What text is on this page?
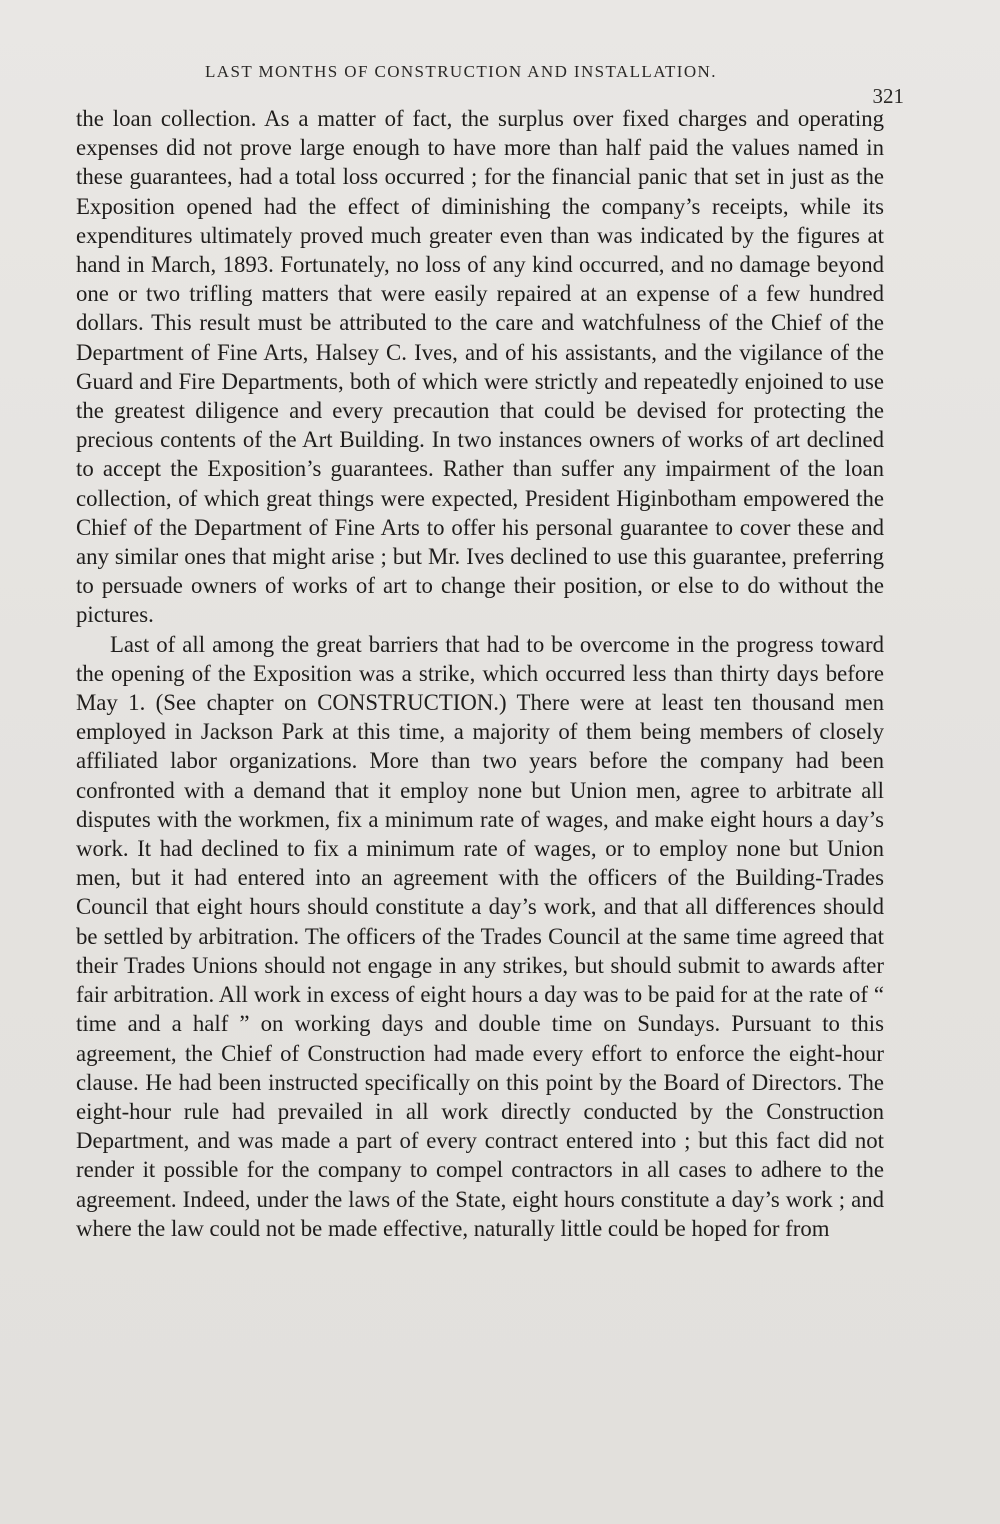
LAST MONTHS OF CONSTRUCTION AND INSTALLATION.
321

the loan collection. As a matter of fact, the surplus over fixed charges and operating expenses did not prove large enough to have more than half paid the values named in these guarantees, had a total loss occurred ; for the financial panic that set in just as the Exposition opened had the effect of diminishing the company’s receipts, while its expenditures ultimately proved much greater even than was indicated by the figures at hand in March, 1893. Fortunately, no loss of any kind occurred, and no damage beyond one or two trifling matters that were easily repaired at an expense of a few hundred dollars. This result must be attributed to the care and watchfulness of the Chief of the Department of Fine Arts, Halsey C. Ives, and of his assistants, and the vigilance of the Guard and Fire Departments, both of which were strictly and repeatedly enjoined to use the greatest diligence and every precaution that could be devised for protecting the precious contents of the Art Building. In two instances owners of works of art declined to accept the Exposition’s guarantees. Rather than suffer any impairment of the loan collection, of which great things were expected, President Higinbotham empowered the Chief of the Department of Fine Arts to offer his personal guarantee to cover these and any similar ones that might arise ; but Mr. Ives declined to use this guarantee, preferring to persuade owners of works of art to change their position, or else to do without the pictures.

Last of all among the great barriers that had to be overcome in the progress toward the opening of the Exposition was a strike, which occurred less than thirty days before May 1. (See chapter on CONSTRUCTION.) There were at least ten thousand men employed in Jackson Park at this time, a majority of them being members of closely affiliated labor organizations. More than two years before the company had been confronted with a demand that it employ none but Union men, agree to arbitrate all disputes with the workmen, fix a minimum rate of wages, and make eight hours a day’s work. It had declined to fix a minimum rate of wages, or to employ none but Union men, but it had entered into an agreement with the officers of the Building-Trades Council that eight hours should constitute a day’s work, and that all differences should be settled by arbitration. The officers of the Trades Council at the same time agreed that their Trades Unions should not engage in any strikes, but should submit to awards after fair arbitration. All work in excess of eight hours a day was to be paid for at the rate of “ time and a half ” on working days and double time on Sundays. Pursuant to this agreement, the Chief of Construction had made every effort to enforce the eight-hour clause. He had been instructed specifically on this point by the Board of Directors. The eight-hour rule had prevailed in all work directly conducted by the Construction Department, and was made a part of every contract entered into ; but this fact did not render it possible for the company to compel contractors in all cases to adhere to the agreement. Indeed, under the laws of the State, eight hours constitute a day’s work ; and where the law could not be made effective, naturally little could be hoped for from
